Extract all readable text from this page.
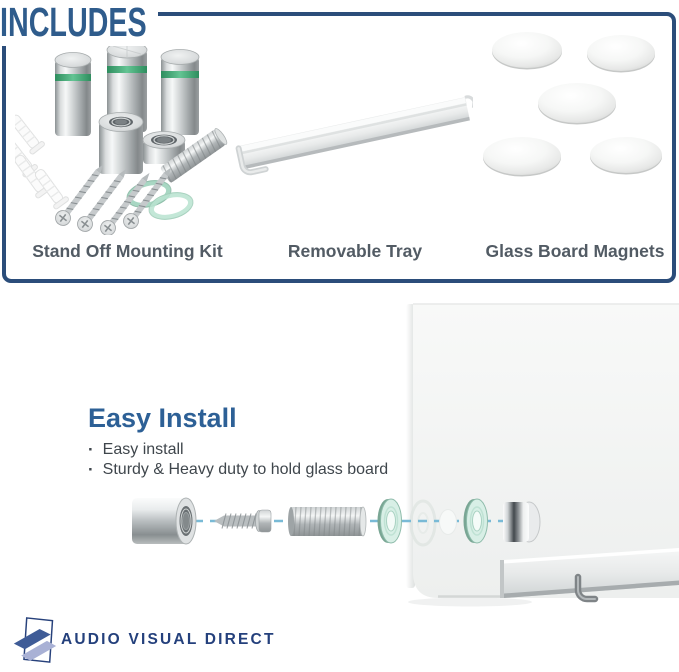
INCLUDES
Stand Off Mounting Kit	Removable Tray	Glass Board Magnets
Easy Install
· Easy install
· Sturdy & Heavy duty to hold glass board
AUDIO VISUAL DIRECT
